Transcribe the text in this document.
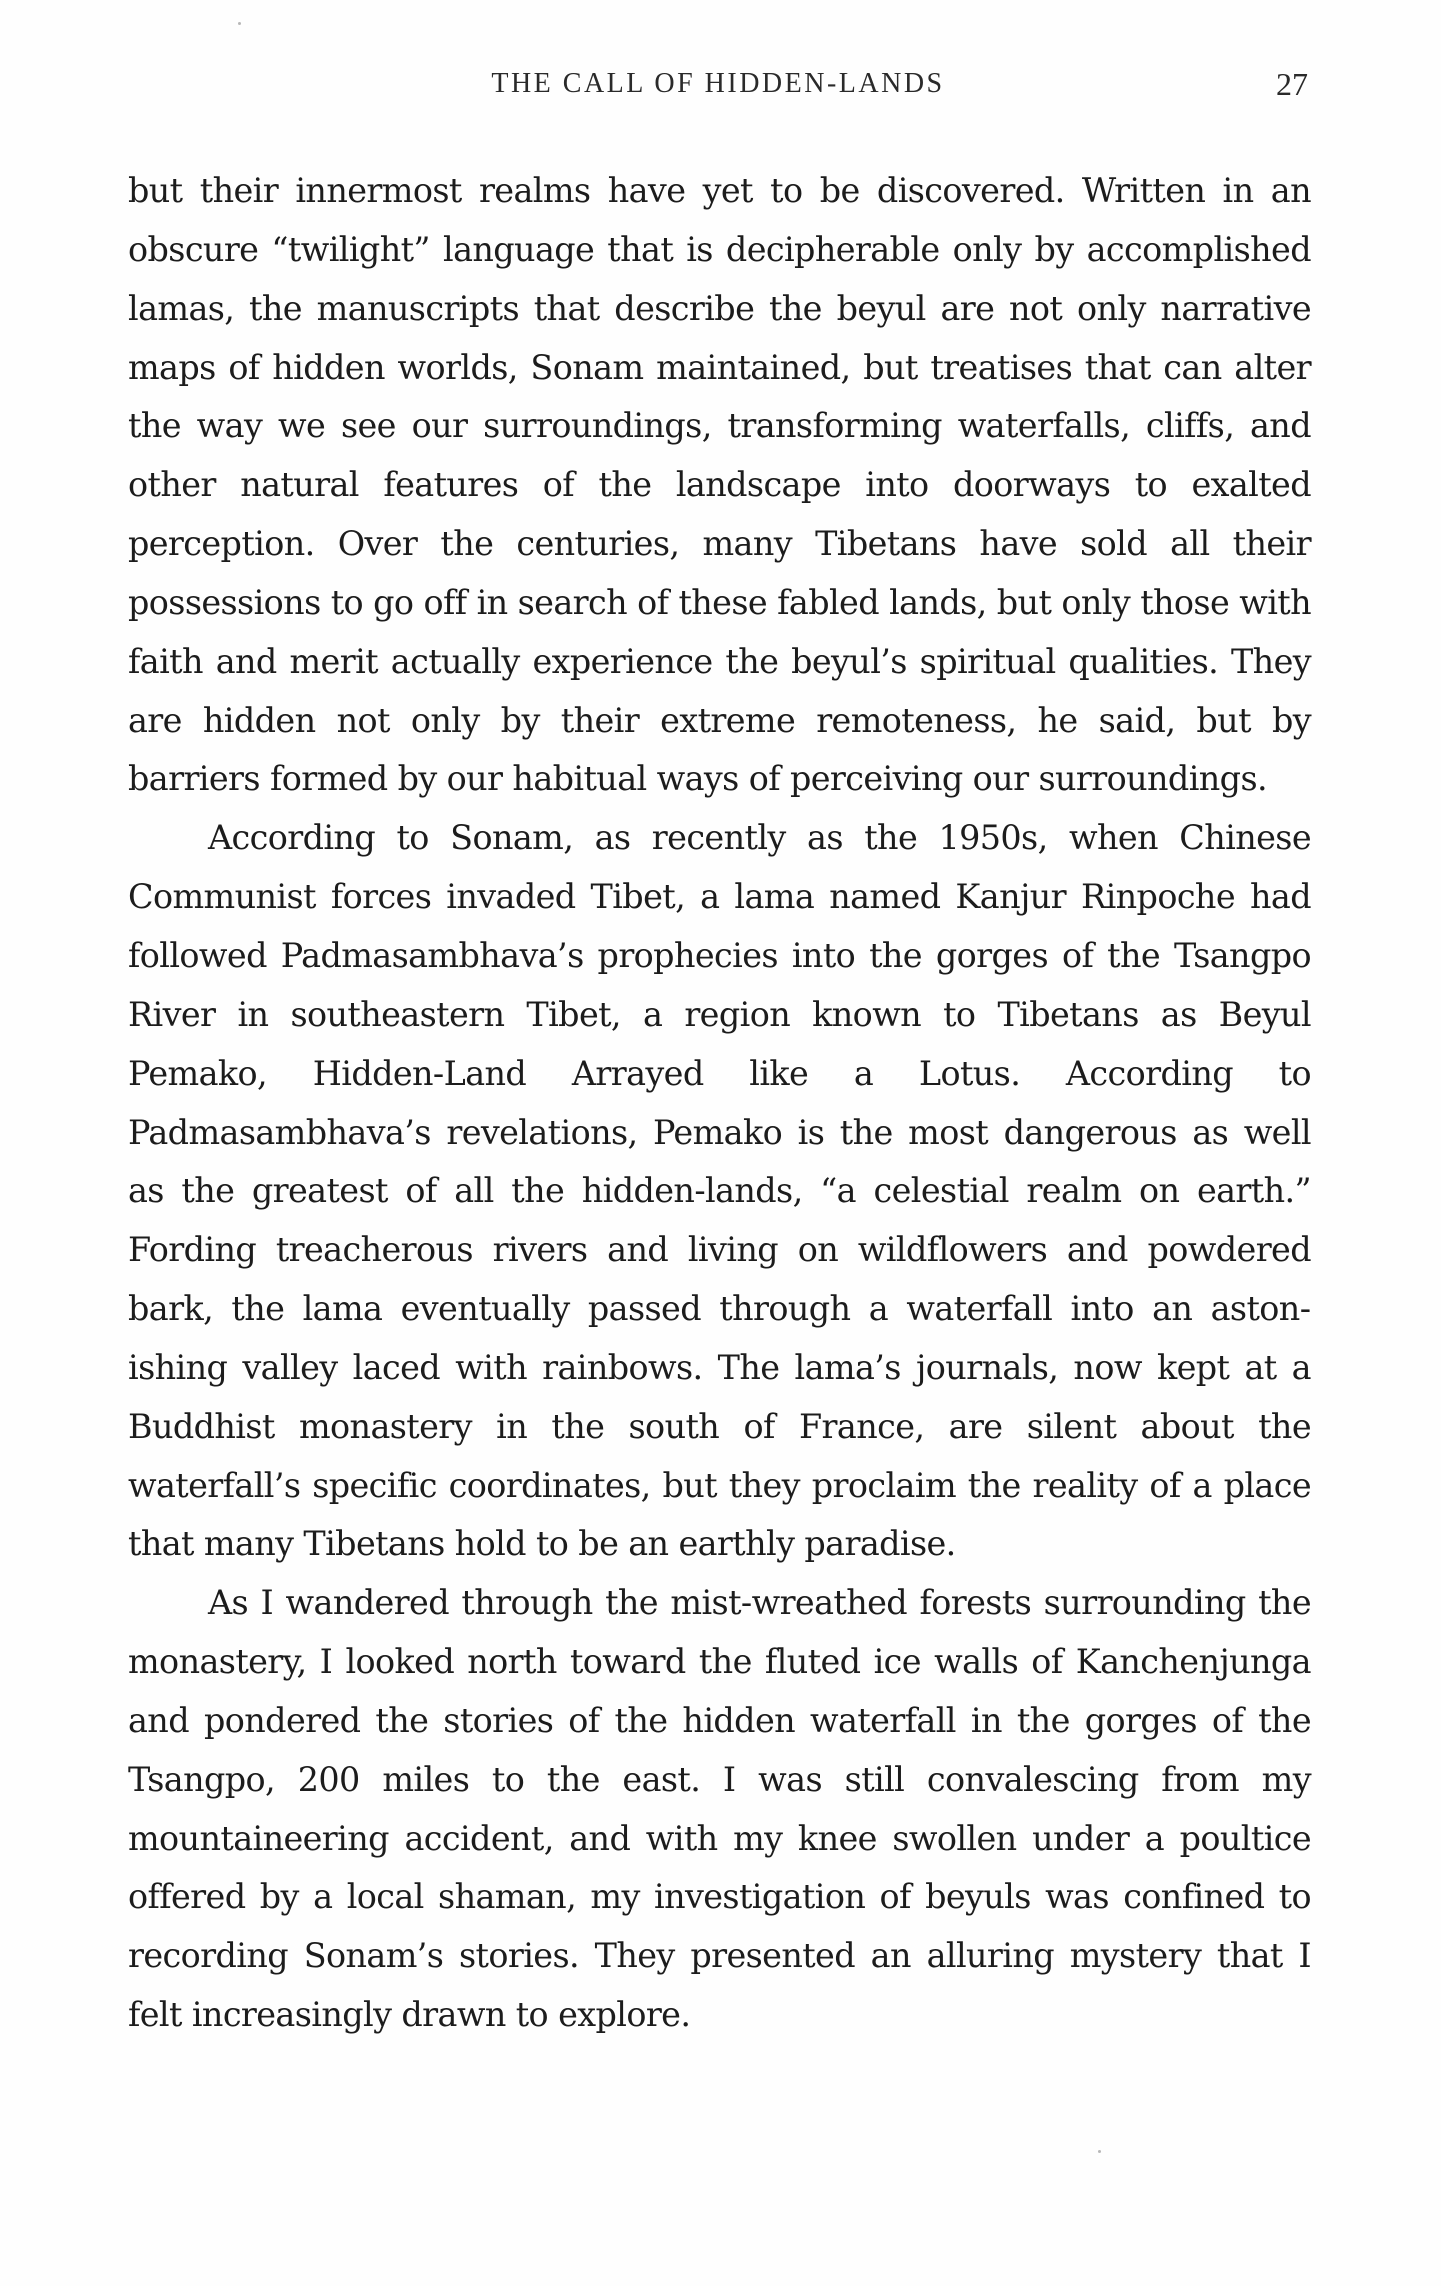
THE CALL OF HIDDEN-LANDS	27

but their innermost realms have yet to be discovered. Written in an obscure “twilight” language that is decipherable only by accomplished lamas, the manuscripts that describe the beyul are not only narrative maps of hidden worlds, Sonam maintained, but treatises that can alter the way we see our surroundings, transforming waterfalls, cliffs, and other natural features of the landscape into doorways to exalted perception. Over the centuries, many Tibetans have sold all their possessions to go off in search of these fabled lands, but only those with faith and merit actually experience the beyul’s spiritual qualities. They are hidden not only by their extreme remoteness, he said, but by barriers formed by our habitual ways of perceiving our surroundings.

According to Sonam, as recently as the 1950s, when Chinese Communist forces invaded Tibet, a lama named Kanjur Rinpoche had followed Padmasambhava’s prophecies into the gorges of the Tsangpo River in southeastern Tibet, a region known to Tibetans as Beyul Pemako, Hidden-Land Arrayed like a Lotus. According to Padmasambhava’s revelations, Pemako is the most dangerous as well as the greatest of all the hidden-lands, “a celestial realm on earth.” Fording treacherous rivers and living on wildflowers and powdered bark, the lama eventually passed through a waterfall into an astonishing valley laced with rainbows. The lama’s journals, now kept at a Buddhist monastery in the south of France, are silent about the waterfall’s specific coordinates, but they proclaim the reality of a place that many Tibetans hold to be an earthly paradise.

As I wandered through the mist-wreathed forests surrounding the monastery, I looked north toward the fluted ice walls of Kanchenjunga and pondered the stories of the hidden waterfall in the gorges of the Tsangpo, 200 miles to the east. I was still convalescing from my mountaineering accident, and with my knee swollen under a poultice offered by a local shaman, my investigation of beyuls was confined to recording Sonam’s stories. They presented an alluring mystery that I felt increasingly drawn to explore.
